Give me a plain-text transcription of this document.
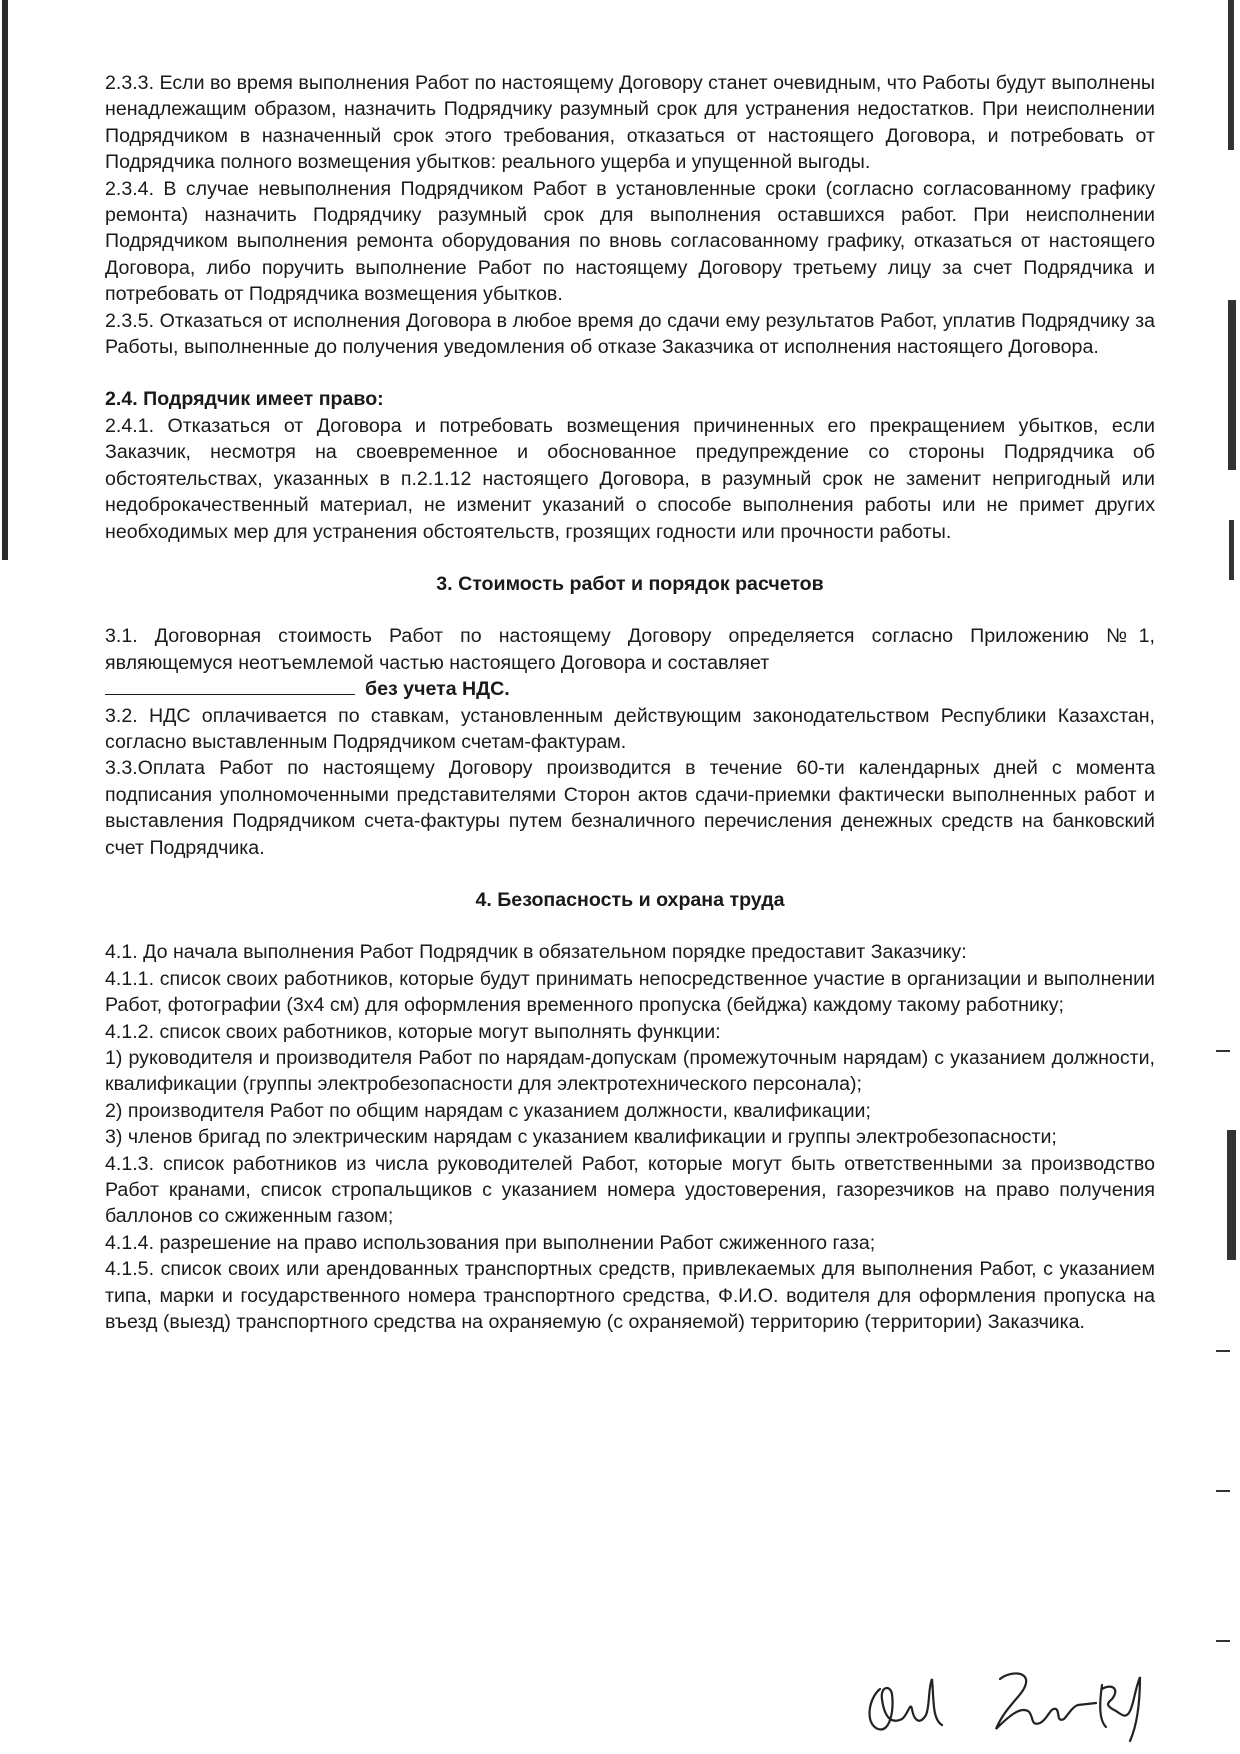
2.3.3. Если во время выполнения Работ по настоящему Договору станет очевидным, что Работы будут выполнены ненадлежащим образом, назначить Подрядчику разумный срок для устранения недостатков. При неисполнении Подрядчиком в назначенный срок этого требования, отказаться от настоящего Договора, и потребовать от Подрядчика полного возмещения убытков: реального ущерба и упущенной выгоды.

2.3.4. В случае невыполнения Подрядчиком Работ в установленные сроки (согласно согласованному графику ремонта) назначить Подрядчику разумный срок для выполнения оставшихся работ. При неисполнении Подрядчиком выполнения ремонта оборудования по вновь согласованному графику, отказаться от настоящего Договора, либо поручить выполнение Работ по настоящему Договору третьему лицу за счет Подрядчика и потребовать от Подрядчика возмещения убытков.

2.3.5. Отказаться от исполнения Договора в любое время до сдачи ему результатов Работ, уплатив Подрядчику за Работы, выполненные до получения уведомления об отказе Заказчика от исполнения настоящего Договора.

2.4. Подрядчик имеет право:

2.4.1. Отказаться от Договора и потребовать возмещения причиненных его прекращением убытков, если Заказчик, несмотря на своевременное и обоснованное предупреждение со стороны Подрядчика об обстоятельствах, указанных в п.2.1.12 настоящего Договора, в разумный срок не заменит непригодный или недоброкачественный материал, не изменит указаний о способе выполнения работы или не примет других необходимых мер для устранения обстоятельств, грозящих годности или прочности работы.

3. Стоимость работ и порядок расчетов

3.1. Договорная стоимость Работ по настоящему Договору определяется согласно Приложению №1, являющемуся неотъемлемой частью настоящего Договора и составляет
без учета НДС.

3.2. НДС оплачивается по ставкам, установленным действующим законодательством Республики Казахстан, согласно выставленным Подрядчиком счетам-фактурам.

3.3.Оплата Работ по настоящему Договору производится в течение 60-ти календарных дней с момента подписания уполномоченными представителями Сторон актов сдачи-приемки фактически выполненных работ и выставления Подрядчиком счета-фактуры путем безналичного перечисления денежных средств на банковский счет Подрядчика.

4. Безопасность и охрана труда

4.1. До начала выполнения Работ Подрядчик в обязательном порядке предоставит Заказчику:

4.1.1. список своих работников, которые будут принимать непосредственное участие в организации и выполнении Работ, фотографии (3х4 см) для оформления временного пропуска (бейджа) каждому такому работнику;

4.1.2. список своих работников, которые могут выполнять функции:

1) руководителя и производителя Работ по нарядам-допускам (промежуточным нарядам) с указанием должности, квалификации (группы электробезопасности для электротехнического персонала);

2) производителя Работ по общим нарядам с указанием должности, квалификации;

3) членов бригад по электрическим нарядам с указанием квалификации и группы электробезопасности;

4.1.3. список работников из числа руководителей Работ, которые могут быть ответственными за производство Работ кранами, список стропальщиков с указанием номера удостоверения, газорезчиков на право получения баллонов со сжиженным газом;

4.1.4. разрешение на право использования при выполнении Работ сжиженного газа;

4.1.5. список своих или арендованных транспортных средств, привлекаемых для выполнения Работ, с указанием типа, марки и государственного номера транспортного средства, Ф.И.О. водителя для оформления пропуска на въезд (выезд) транспортного средства на охраняемую (с охраняемой) территорию (территории) Заказчика.
